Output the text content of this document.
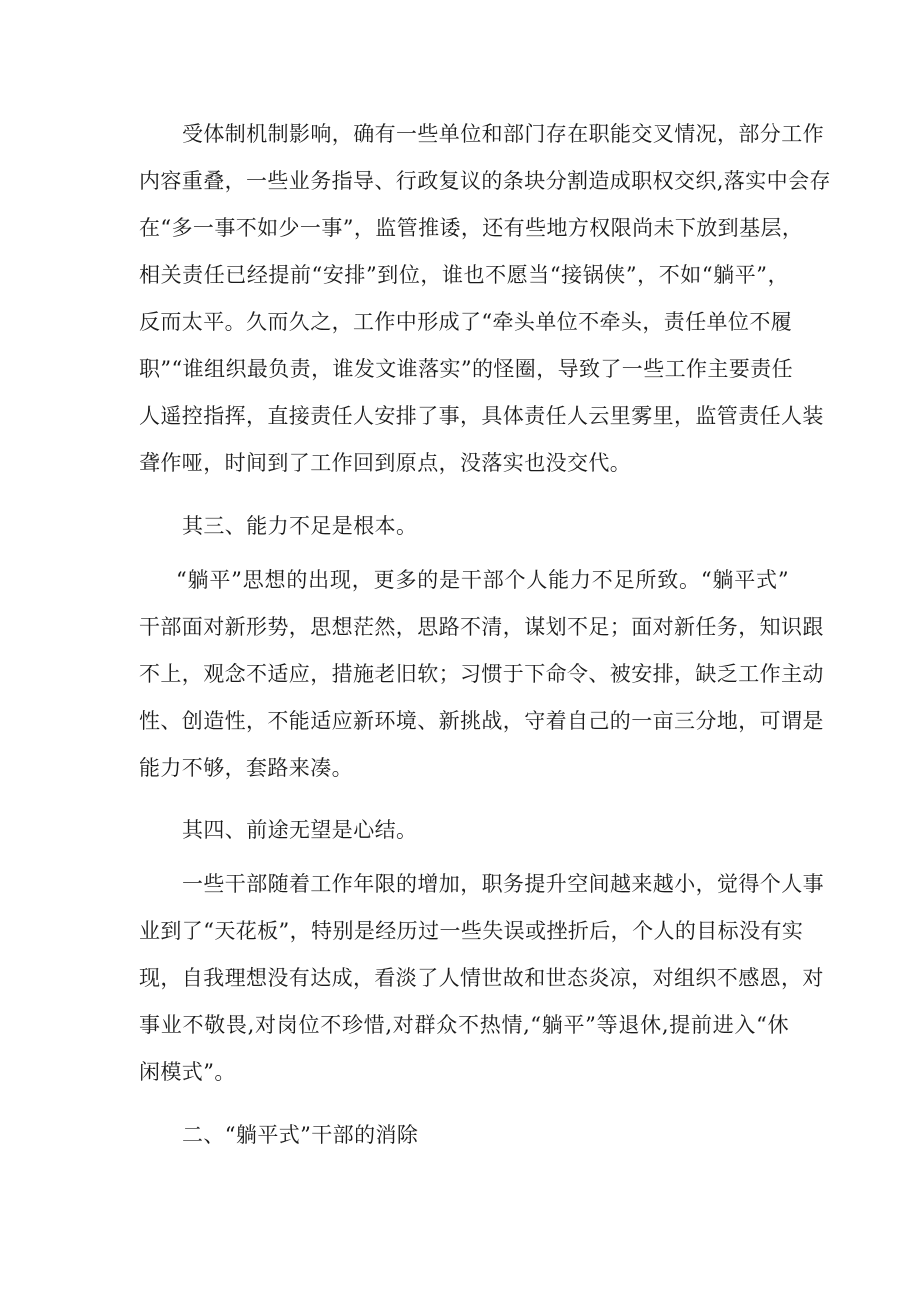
受体制机制影响，确有一些单位和部门存在职能交叉情况，部分工作
内容重叠，一些业务指导、行政复议的条块分割造成职权交织,落实中会存
在“多一事不如少一事”，监管推诿，还有些地方权限尚未下放到基层，
相关责任已经提前“安排”到位，谁也不愿当“接锅侠”，不如“躺平”，
反而太平。久而久之，工作中形成了“牵头单位不牵头，责任单位不履
职”“谁组织最负责，谁发文谁落实”的怪圈，导致了一些工作主要责任
人遥控指挥，直接责任人安排了事，具体责任人云里雾里，监管责任人装
聋作哑，时间到了工作回到原点，没落实也没交代。
其三、能力不足是根本。
“躺平”思想的出现，更多的是干部个人能力不足所致。“躺平式”
干部面对新形势，思想茫然，思路不清，谋划不足；面对新任务，知识跟
不上，观念不适应，措施老旧软；习惯于下命令、被安排，缺乏工作主动
性、创造性，不能适应新环境、新挑战，守着自己的一亩三分地，可谓是
能力不够，套路来凑。
其四、前途无望是心结。
一些干部随着工作年限的增加，职务提升空间越来越小，觉得个人事
业到了“天花板”，特别是经历过一些失误或挫折后，个人的目标没有实
现，自我理想没有达成，看淡了人情世故和世态炎凉，对组织不感恩，对
事业不敬畏,对岗位不珍惜,对群众不热情,“躺平”等退休,提前进入“休
闲模式”。
二、“躺平式”干部的消除
